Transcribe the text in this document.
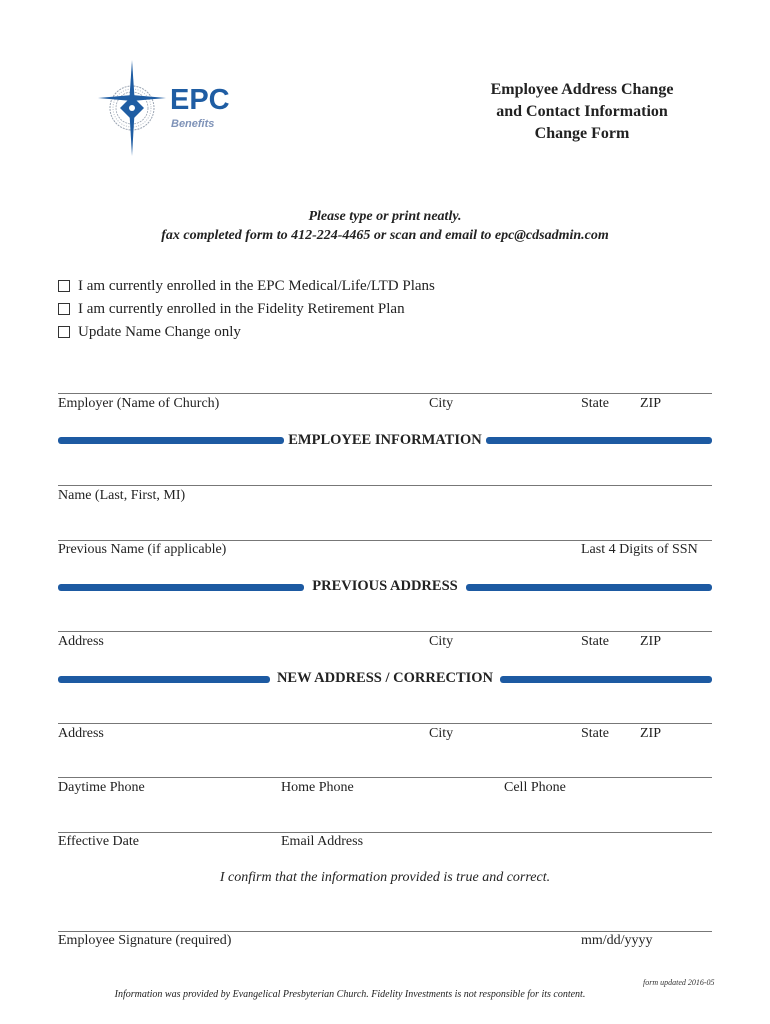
EPC
Benefits
Employee Address Change
and Contact Information
Change Form
Please type or print neatly.
fax completed form to 412-224-4465 or scan and email to epc@cdsadmin.com
I am currently enrolled in the EPC Medical/Life/LTD Plans
I am currently enrolled in the Fidelity Retirement Plan
Update Name Change only
Employer (Name of Church)	City	State ZIP
EMPLOYEE INFORMATION
Name (Last, First, MI)
Previous Name (if applicable)	Last 4 Digits of SSN
PREVIOUS ADDRESS
Address	City	State ZIP
NEW ADDRESS / CORRECTION
Address	City	State ZIP
Daytime Phone	Home Phone	Cell Phone
Effective Date	Email Address
I confirm that the information provided is true and correct.
Employee Signature (required)	mm/dd/yyyy
form updated 2016-05
Information was provided by Evangelical Presbyterian Church. Fidelity Investments is not responsible for its content.
